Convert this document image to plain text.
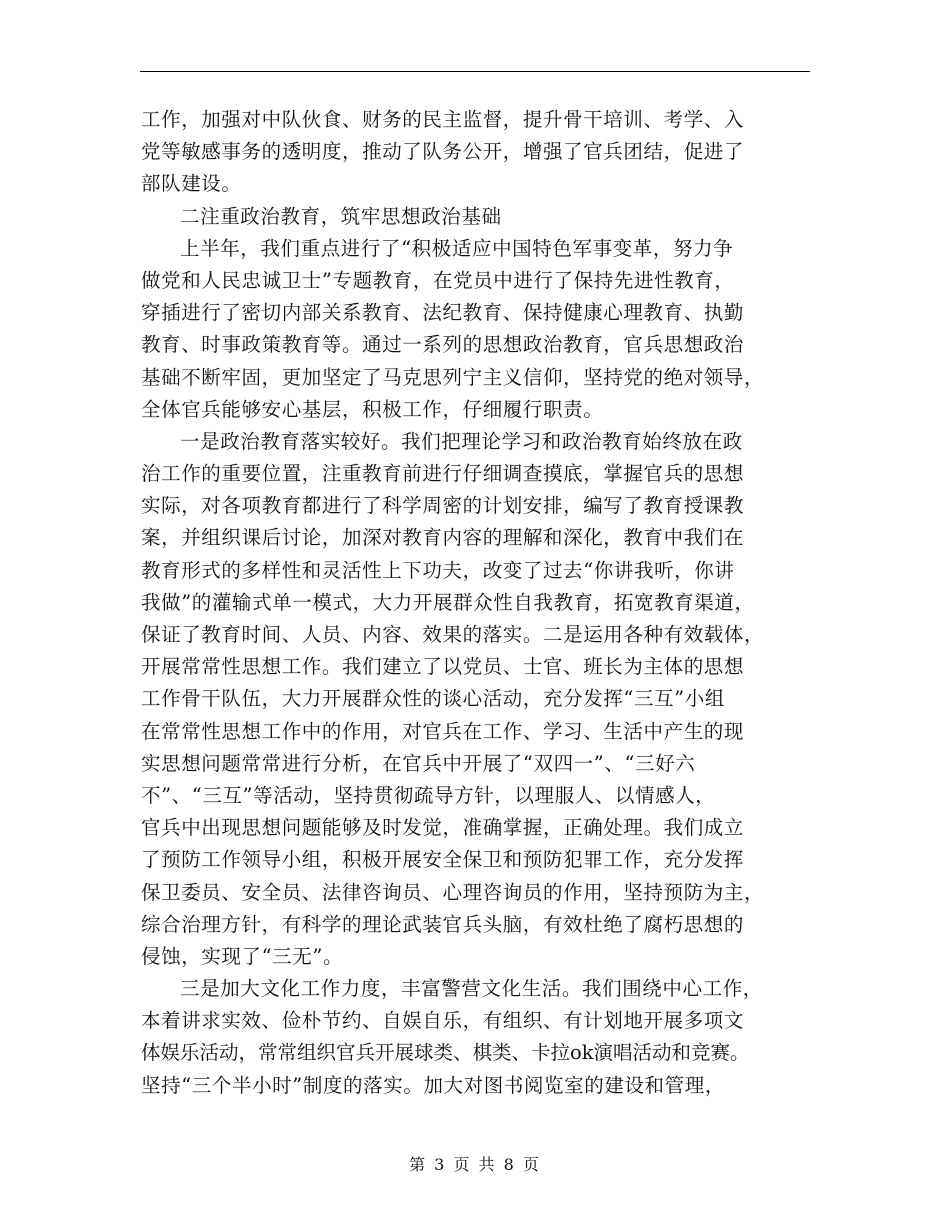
工作，加强对中队伙食、财务的民主监督，提升骨干培训、考学、入
党等敏感事务的透明度，推动了队务公开，增强了官兵团结，促进了
部队建设。
二注重政治教育，筑牢思想政治基础
上半年，我们重点进行了“积极适应中国特色军事变革，努力争
做党和人民忠诚卫士”专题教育，在党员中进行了保持先进性教育，
穿插进行了密切内部关系教育、法纪教育、保持健康心理教育、执勤
教育、时事政策教育等。通过一系列的思想政治教育，官兵思想政治
基础不断牢固，更加坚定了马克思列宁主义信仰，坚持党的绝对领导，
全体官兵能够安心基层，积极工作，仔细履行职责。
一是政治教育落实较好。我们把理论学习和政治教育始终放在政
治工作的重要位置，注重教育前进行仔细调查摸底，掌握官兵的思想
实际，对各项教育都进行了科学周密的计划安排，编写了教育授课教
案，并组织课后讨论，加深对教育内容的理解和深化，教育中我们在
教育形式的多样性和灵活性上下功夫，改变了过去“你讲我听，你讲
我做”的灌输式单一模式，大力开展群众性自我教育，拓宽教育渠道，
保证了教育时间、人员、内容、效果的落实。二是运用各种有效载体，
开展常常性思想工作。我们建立了以党员、士官、班长为主体的思想
工作骨干队伍，大力开展群众性的谈心活动，充分发挥“三互”小组
在常常性思想工作中的作用，对官兵在工作、学习、生活中产生的现
实思想问题常常进行分析，在官兵中开展了“双四一”、“三好六
不”、“三互”等活动，坚持贯彻疏导方针，以理服人、以情感人，
官兵中出现思想问题能够及时发觉，准确掌握，正确处理。我们成立
了预防工作领导小组，积极开展安全保卫和预防犯罪工作，充分发挥
保卫委员、安全员、法律咨询员、心理咨询员的作用，坚持预防为主，
综合治理方针，有科学的理论武装官兵头脑，有效杜绝了腐朽思想的
侵蚀，实现了“三无”。
三是加大文化工作力度，丰富警营文化生活。我们围绕中心工作，
本着讲求实效、俭朴节约、自娱自乐，有组织、有计划地开展多项文
体娱乐活动，常常组织官兵开展球类、棋类、卡拉ok演唱活动和竞赛。
坚持“三个半小时”制度的落实。加大对图书阅览室的建设和管理，
第 3 页 共 8 页
